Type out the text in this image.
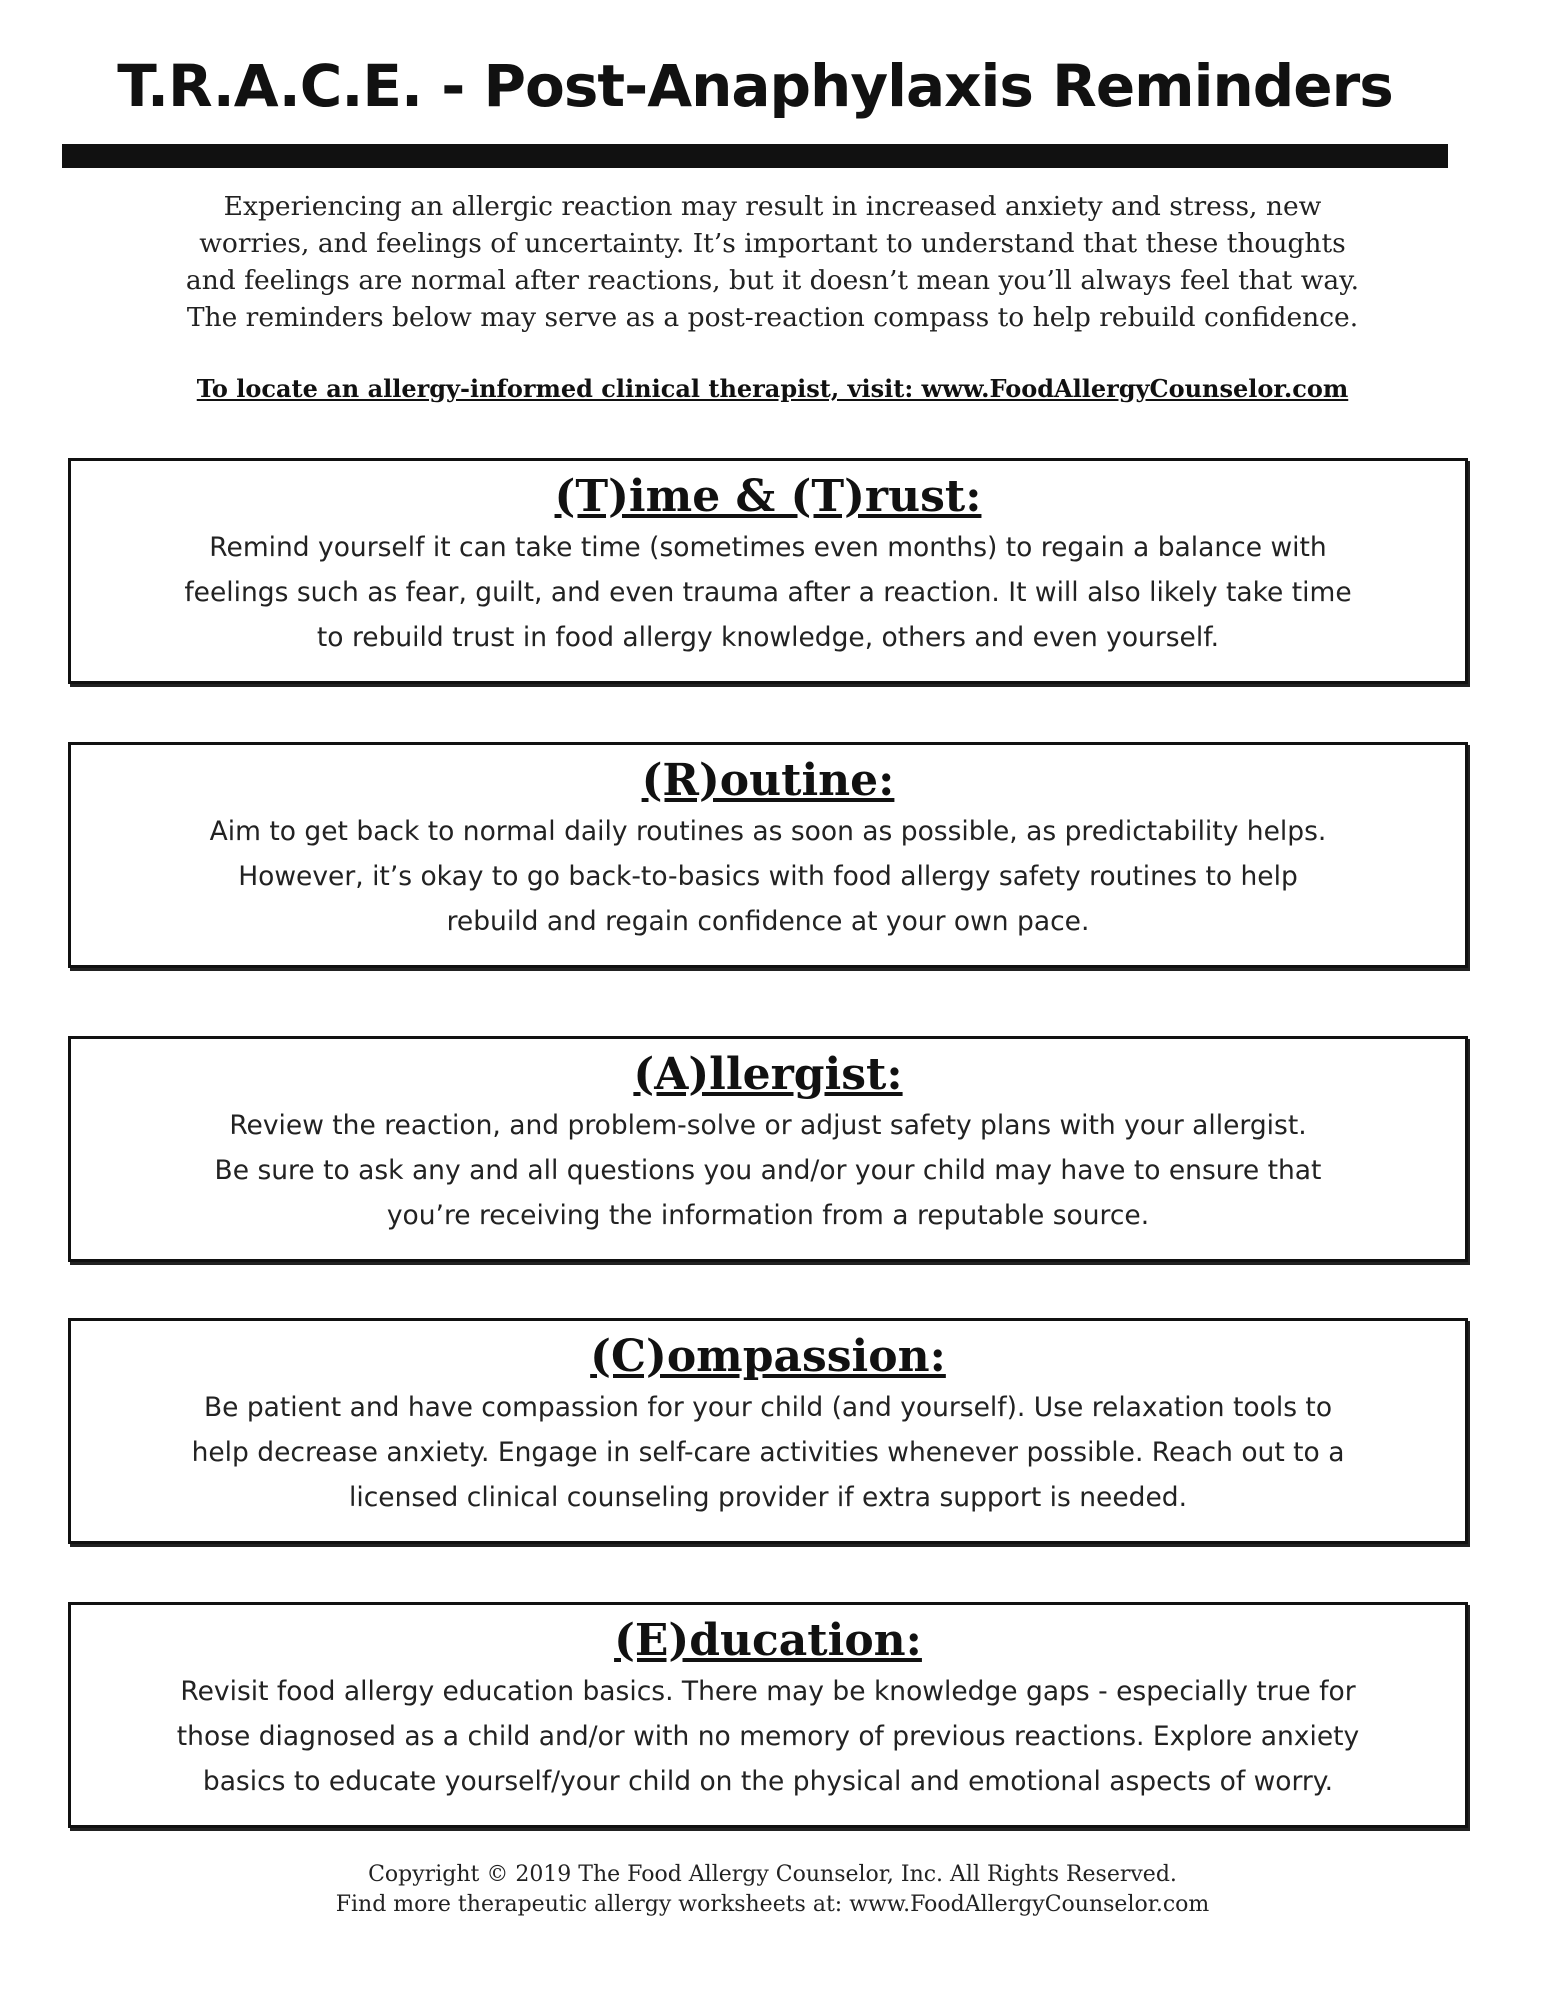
T.R.A.C.E. - Post-Anaphylaxis Reminders

Experiencing an allergic reaction may result in increased anxiety and stress, new

worries, and feelings of uncertainty. It’s important to understand that these thoughts

and feelings are normal after reactions, but it doesn’t mean you’ll always feel that way.

The reminders below may serve as a post-reaction compass to help rebuild confidence.

To locate an allergy-informed clinical therapist, visit: www.FoodAllergyCounselor.com
(T)ime & (T)rust:

Remind yourself it can take time (sometimes even months) to regain a balance with

feelings such as fear, guilt, and even trauma after a reaction. It will also likely take time

to rebuild trust in food allergy knowledge, others and even yourself.

(R)outine:

Aim to get back to normal daily routines as soon as possible, as predictability helps.

However, it’s okay to go back-to-basics with food allergy safety routines to help

rebuild and regain confidence at your own pace.

(A)llergist:

Review the reaction, and problem-solve or adjust safety plans with your allergist.

Be sure to ask any and all questions you and/or your child may have to ensure that

you’re receiving the information from a reputable source.

(C)ompassion:

Be patient and have compassion for your child (and yourself). Use relaxation tools to

help decrease anxiety. Engage in self-care activities whenever possible. Reach out to a

licensed clinical counseling provider if extra support is needed.

(E)ducation:

Revisit food allergy education basics. There may be knowledge gaps - especially true for

those diagnosed as a child and/or with no memory of previous reactions. Explore anxiety

basics to educate yourself/your child on the physical and emotional aspects of worry.

Copyright © 2019 The Food Allergy Counselor, Inc. All Rights Reserved.

Find more therapeutic allergy worksheets at: www.FoodAllergyCounselor.com
